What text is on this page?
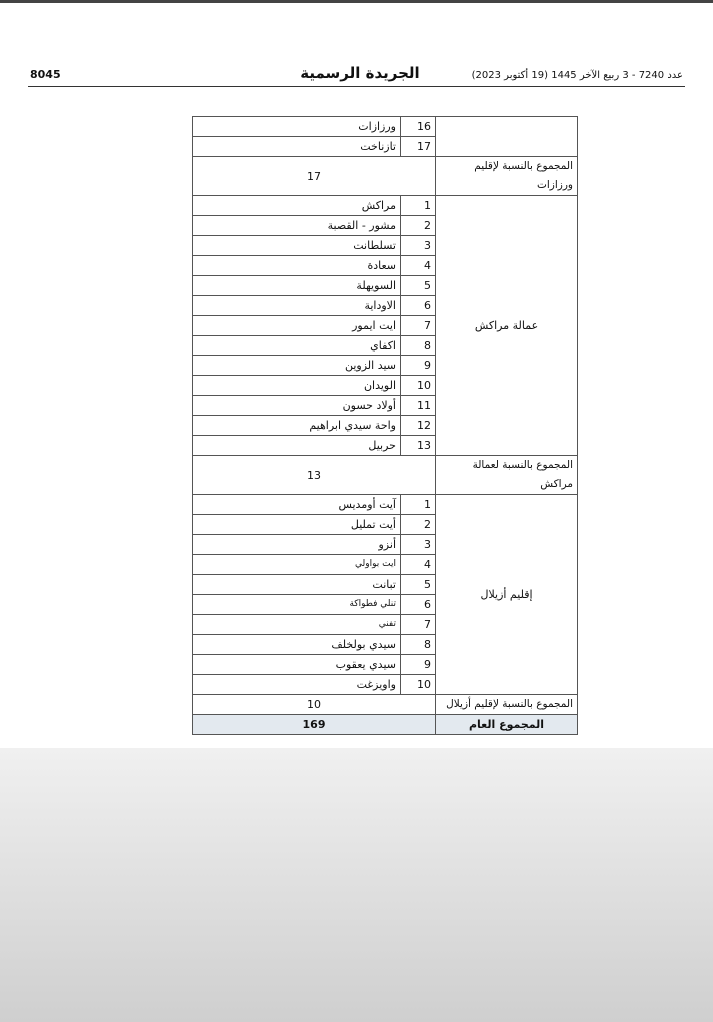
8045	الجريدة الرسمية	عدد 7240 - 3 ربيع الآخر 1445 (19 أكتوبر 2023)
	16	ورزازات
	17	تازناخت
المجموع بالنسبة لإقليم ورزازات	17	
عمالة مراكش	1	مراكش
	2	مشور - القصبة
	3	تسلطانت
	4	سعادة
	5	السويهلة
	6	الاوداية
	7	ايت ايمور
	8	اكفاي
	9	سيد الزوين
	10	الويدان
	11	أولاد حسون
	12	واحة سيدي ابراهيم
	13	حربيل
المجموع بالنسبة لعمالة مراكش	13	
إقليم أزيلال	1	آيت أومديس
	2	أيت تمليل
	3	أنزو
	4	ايت بواولي
	5	تبانت
	6	تنلي فطواكة
	7	تفني
	8	سيدي بولخلف
	9	سيدي يعقوب
	10	واويزغت
المجموع بالنسبة لإقليم أزيلال	10	
المجموع العام	169	
